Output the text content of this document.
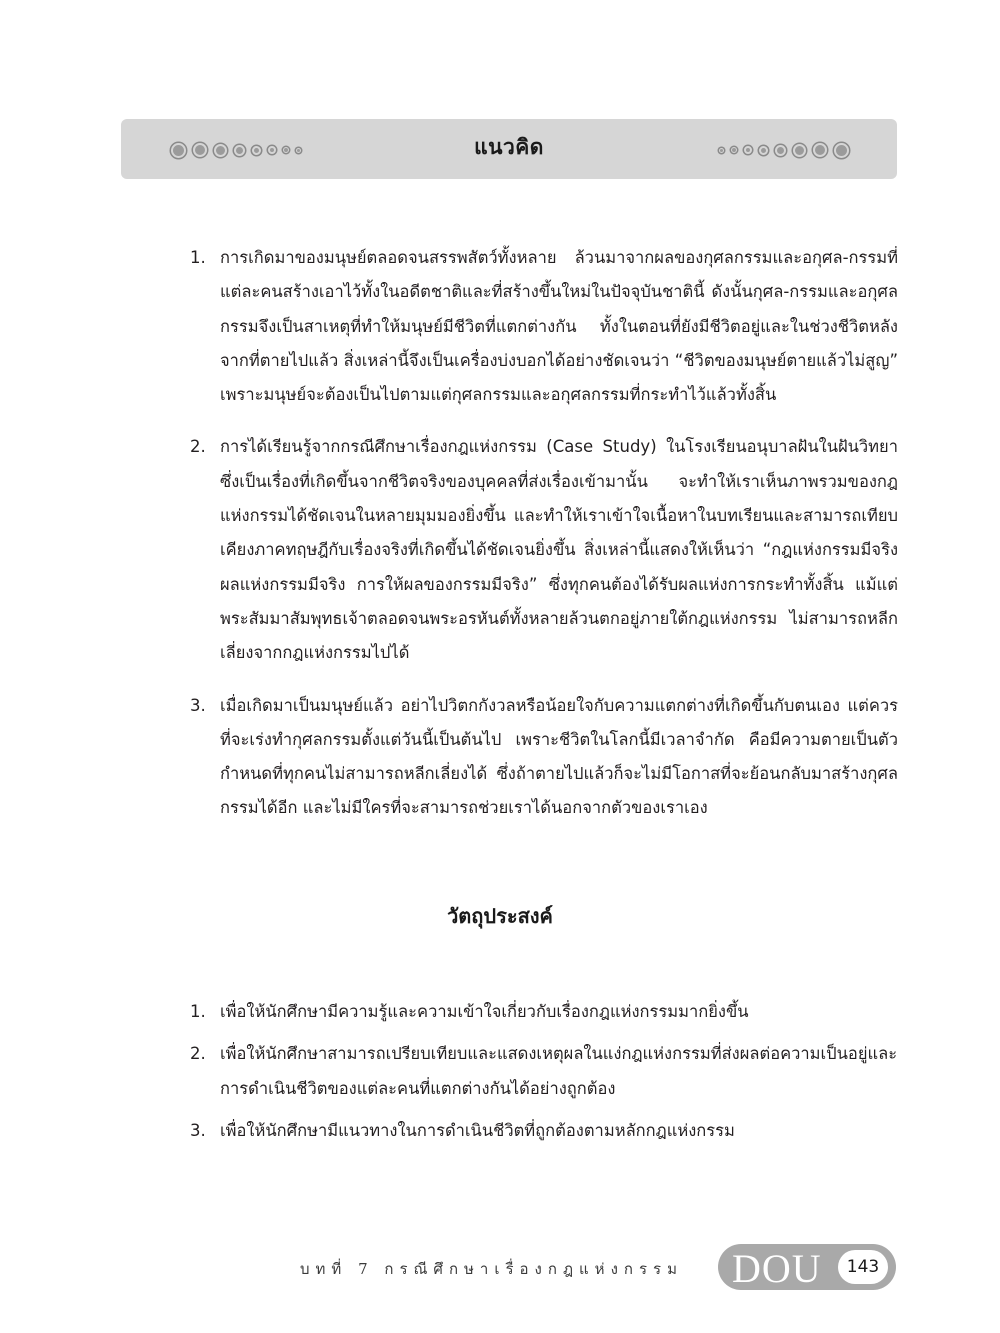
แนวคิด
1. การเกิดมาของมนุษย์ตลอดจนสรรพสัตว์ทั้งหลาย ล้วนมาจากผลของกุศลกรรมและอกุศล-กรรมที่แต่ละคนสร้างเอาไว้ทั้งในอดีตชาติและที่สร้างขึ้นใหม่ในปัจจุบันชาตินี้ ดังนั้นกุศล-กรรมและอกุศลกรรมจึงเป็นสาเหตุที่ทำให้มนุษย์มีชีวิตที่แตกต่างกัน ทั้งในตอนที่ยังมีชีวิตอยู่และในช่วงชีวิตหลังจากที่ตายไปแล้ว สิ่งเหล่านี้จึงเป็นเครื่องบ่งบอกได้อย่างชัดเจนว่า “ชีวิตของมนุษย์ตายแล้วไม่สูญ” เพราะมนุษย์จะต้องเป็นไปตามแต่กุศลกรรมและอกุศลกรรมที่กระทำไว้แล้วทั้งสิ้น
2. การได้เรียนรู้จากกรณีศึกษาเรื่องกฎแห่งกรรม (Case Study) ในโรงเรียนอนุบาลฝันในฝันวิทยา ซึ่งเป็นเรื่องที่เกิดขึ้นจากชีวิตจริงของบุคคลที่ส่งเรื่องเข้ามานั้น จะทำให้เราเห็นภาพรวมของกฎแห่งกรรมได้ชัดเจนในหลายมุมมองยิ่งขึ้น และทำให้เราเข้าใจเนื้อหาในบทเรียนและสามารถเทียบเคียงภาคทฤษฎีกับเรื่องจริงที่เกิดขึ้นได้ชัดเจนยิ่งขึ้น สิ่งเหล่านี้แสดงให้เห็นว่า “กฎแห่งกรรมมีจริง ผลแห่งกรรมมีจริง การให้ผลของกรรมมีจริง” ซึ่งทุกคนต้องได้รับผลแห่งการกระทำทั้งสิ้น แม้แต่พระสัมมาสัมพุทธเจ้าตลอดจนพระอรหันต์ทั้งหลายล้วนตกอยู่ภายใต้กฎแห่งกรรม ไม่สามารถหลีกเลี่ยงจากกฎแห่งกรรมไปได้
3. เมื่อเกิดมาเป็นมนุษย์แล้ว อย่าไปวิตกกังวลหรือน้อยใจกับความแตกต่างที่เกิดขึ้นกับตนเอง แต่ควรที่จะเร่งทำกุศลกรรมตั้งแต่วันนี้เป็นต้นไป เพราะชีวิตในโลกนี้มีเวลาจำกัด คือมีความตายเป็นตัวกำหนดที่ทุกคนไม่สามารถหลีกเลี่ยงได้ ซึ่งถ้าตายไปแล้วก็จะไม่มีโอกาสที่จะย้อนกลับมาสร้างกุศลกรรมได้อีก และไม่มีใครที่จะสามารถช่วยเราได้นอกจากตัวของเราเอง
วัตถุประสงค์
1. เพื่อให้นักศึกษามีความรู้และความเข้าใจเกี่ยวกับเรื่องกฎแห่งกรรมมากยิ่งขึ้น
2. เพื่อให้นักศึกษาสามารถเปรียบเทียบและแสดงเหตุผลในแง่กฎแห่งกรรมที่ส่งผลต่อความเป็นอยู่และการดำเนินชีวิตของแต่ละคนที่แตกต่างกันได้อย่างถูกต้อง
3. เพื่อให้นักศึกษามีแนวทางในการดำเนินชีวิตที่ถูกต้องตามหลักกฎแห่งกรรม
บทที่ 7 กรณีศึกษาเรื่องกฎแห่งกรรม DOU	143
